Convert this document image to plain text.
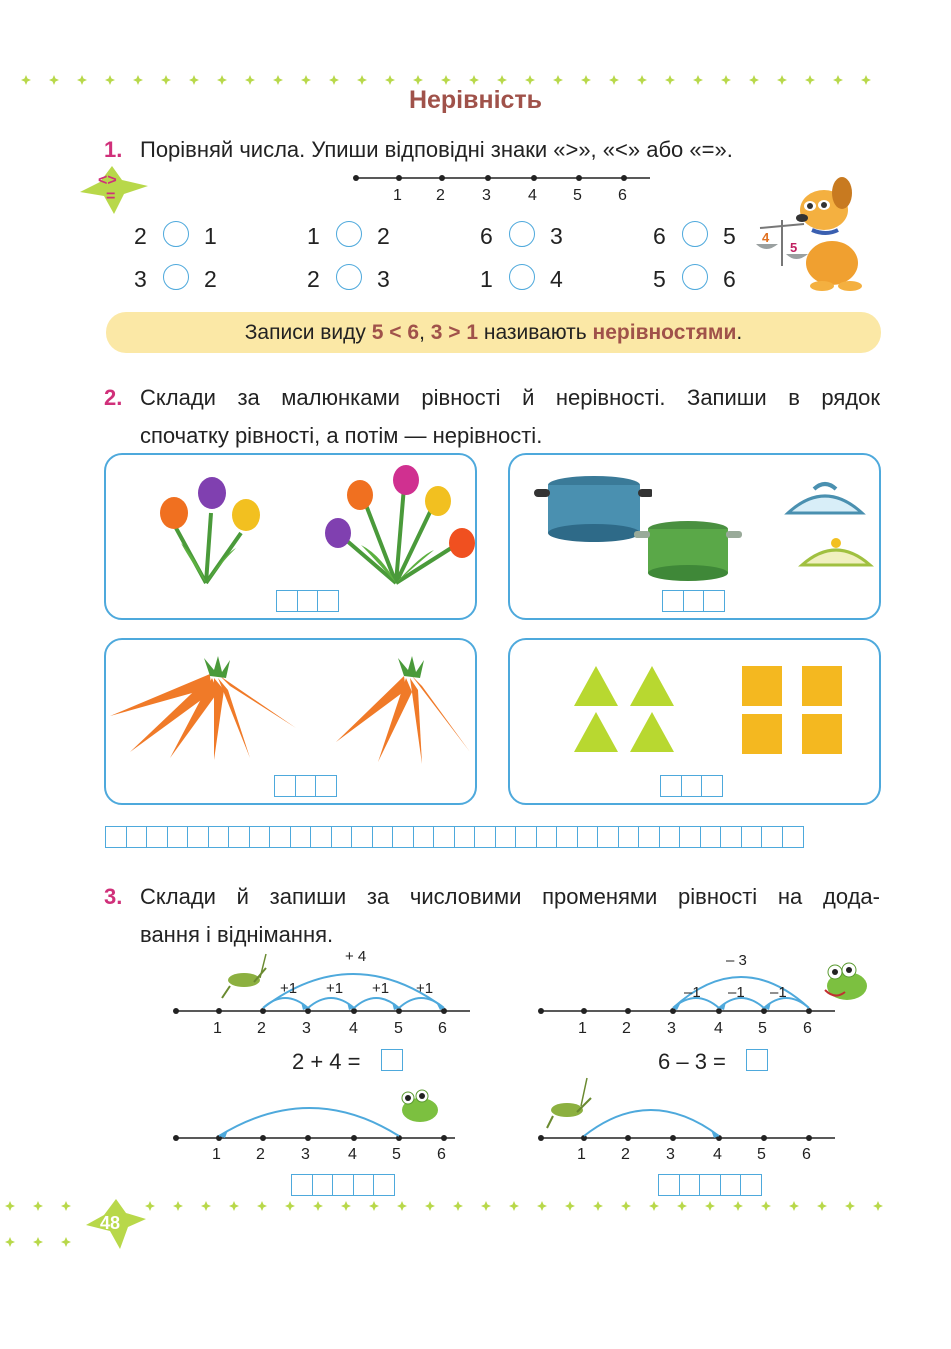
Нерівність
1. Порівняй числа. Упиши відповідні знаки «>», «<» або «=».
<>
=	1 2 3 4 5 6
2 1	1 2	6 3	6 5
3 2	2 3	1 4	5 6
4
5
Записи виду 5 < 6, 3 > 1 називають нерівностями.
2. Склади за малюнками рівності й нерівності. Запиши в рядок
спочатку рівності, а потім — нерівності.
3. Склади й запиши за числовими променями рівності на дода-
вання і віднімання.
+ 4
+1 +1 +1 +1
1 2 3 4 5 6
2 + 4 =
– 3
–1 –1 –1
1 2 3 4 5 6
6 – 3 =
1 2 3 4 5 6	1 2 3 4 5 6
48
